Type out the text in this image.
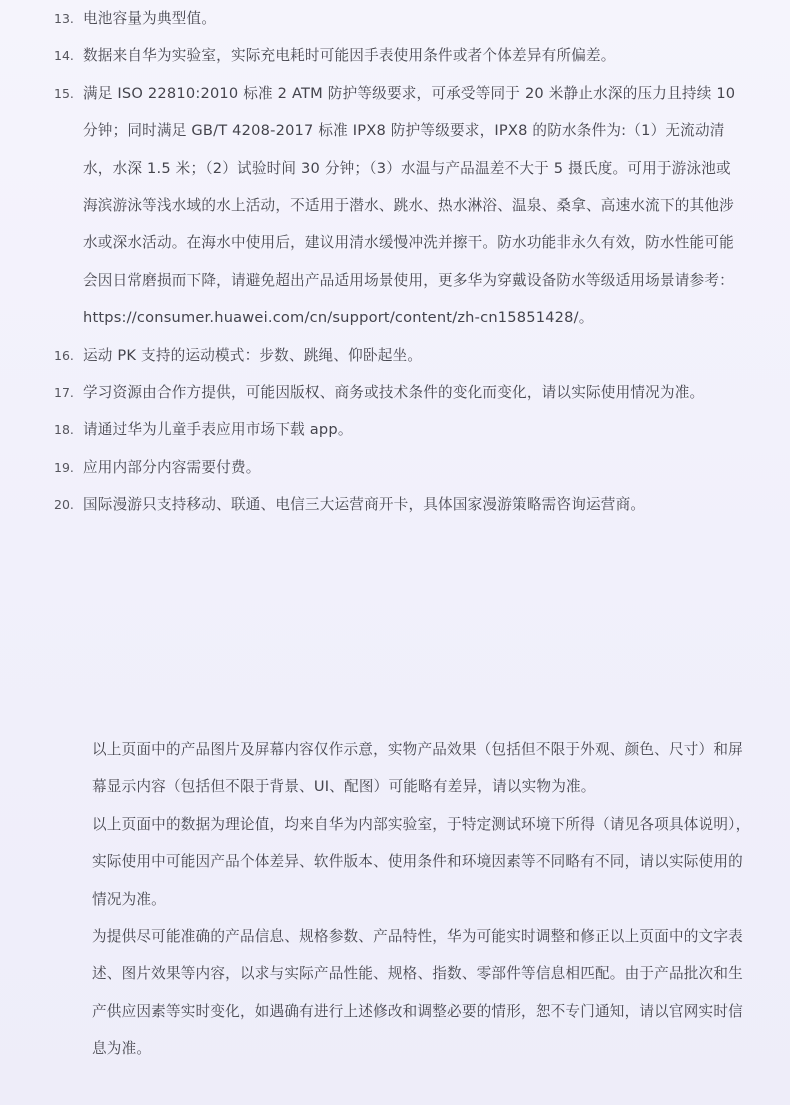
13. 电池容量为典型值。
14. 数据来自华为实验室，实际充电耗时可能因手表使用条件或者个体差异有所偏差。
15. 满足 ISO 22810:2010 标准 2 ATM 防护等级要求，可承受等同于 20 米静止水深的压力且持续 10 分钟；同时满足 GB/T 4208-2017 标准 IPX8 防护等级要求，IPX8 的防水条件为:（1）无流动清水，水深 1.5 米；（2）试验时间 30 分钟；（3）水温与产品温差不大于 5 摄氏度。可用于游泳池或海滨游泳等浅水域的水上活动，不适用于潜水、跳水、热水淋浴、温泉、桑拿、高速水流下的其他涉水或深水活动。在海水中使用后，建议用清水缓慢冲洗并擦干。防水功能非永久有效，防水性能可能会因日常磨损而下降，请避免超出产品适用场景使用，更多华为穿戴设备防水等级适用场景请参考：https://consumer.huawei.com/cn/support/content/zh-cn15851428/。
16. 运动 PK 支持的运动模式：步数、跳绳、仰卧起坐。
17. 学习资源由合作方提供，可能因版权、商务或技术条件的变化而变化，请以实际使用情况为准。
18. 请通过华为儿童手表应用市场下载 app。
19. 应用内部分内容需要付费。
20. 国际漫游只支持移动、联通、电信三大运营商开卡，具体国家漫游策略需咨询运营商。

以上页面中的产品图片及屏幕内容仅作示意，实物产品效果（包括但不限于外观、颜色、尺寸）和屏幕显示内容（包括但不限于背景、UI、配图）可能略有差异，请以实物为准。

以上页面中的数据为理论值，均来自华为内部实验室，于特定测试环境下所得（请见各项具体说明），实际使用中可能因产品个体差异、软件版本、使用条件和环境因素等不同略有不同，请以实际使用的情况为准。

为提供尽可能准确的产品信息、规格参数、产品特性，华为可能实时调整和修正以上页面中的文字表述、图片效果等内容，以求与实际产品性能、规格、指数、零部件等信息相匹配。由于产品批次和生产供应因素等实时变化，如遇确有进行上述修改和调整必要的情形，恕不专门通知，请以官网实时信息为准。
